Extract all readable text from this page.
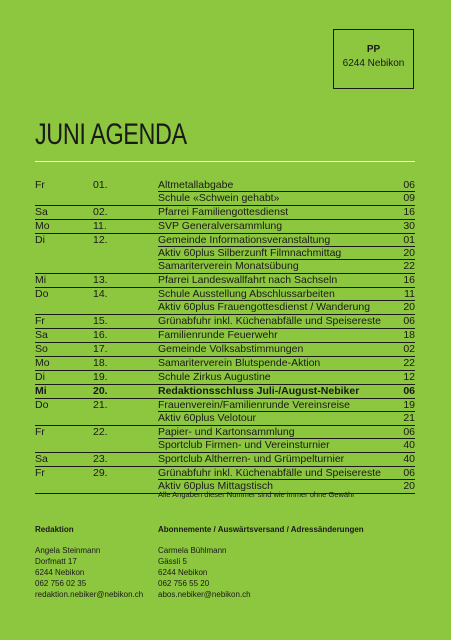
PP
6244 Nebikon
JUNI AGENDA
Fr	01.	Altmetallabgabe	06
Schule «Schwein gehabt»	09
Sa	02.	Pfarrei Familiengottesdienst	16
Mo	11.	SVP Generalversammlung	30
Di	12.	Gemeinde Informationsveranstaltung	01
Aktiv 60plus Silberzunft Filmnachmittag	20
Samariterverein Monatsübung	22
Mi	13.	Pfarrei Landeswallfahrt nach Sachseln	16
Do	14.	Schule Ausstellung Abschlussarbeiten	11
Aktiv 60plus Frauengottesdienst / Wanderung	20
Fr	15.	Grünabfuhr inkl. Küchenabfälle und Speisereste	06
Sa	16.	Familienrunde Feuerwehr	18
So	17.	Gemeinde Volksabstimmungen	02
Mo	18.	Samariterverein Blutspende-Aktion	22
Di	19.	Schule Zirkus Augustine	12
Mi	20.	Redaktionsschluss Juli-/August-Nebiker	06
Do	21.	Frauenverein/Familienrunde Vereinsreise	19
Aktiv 60plus Velotour	21
Fr	22.	Papier- und Kartonsammlung	06
Sportclub Firmen- und Vereinsturnier	40
Sa	23.	Sportclub Altherren- und Grümpelturnier	40
Fr	29.	Grünabfuhr inkl. Küchenabfälle und Speisereste	06
Aktiv 60plus Mittagstisch	20
Alle Angaben dieser Nummer sind wie immer ohne Gewähr
Redaktion
Angela Steinmann
Dorfmatt 17
6244 Nebikon
062 756 02 35
redaktion.nebiker@nebikon.ch
Abonnemente / Auswärtsversand / Adressänderungen
Carmela Bühlmann
Gässli 5
6244 Nebikon
062 756 55 20
abos.nebiker@nebikon.ch
